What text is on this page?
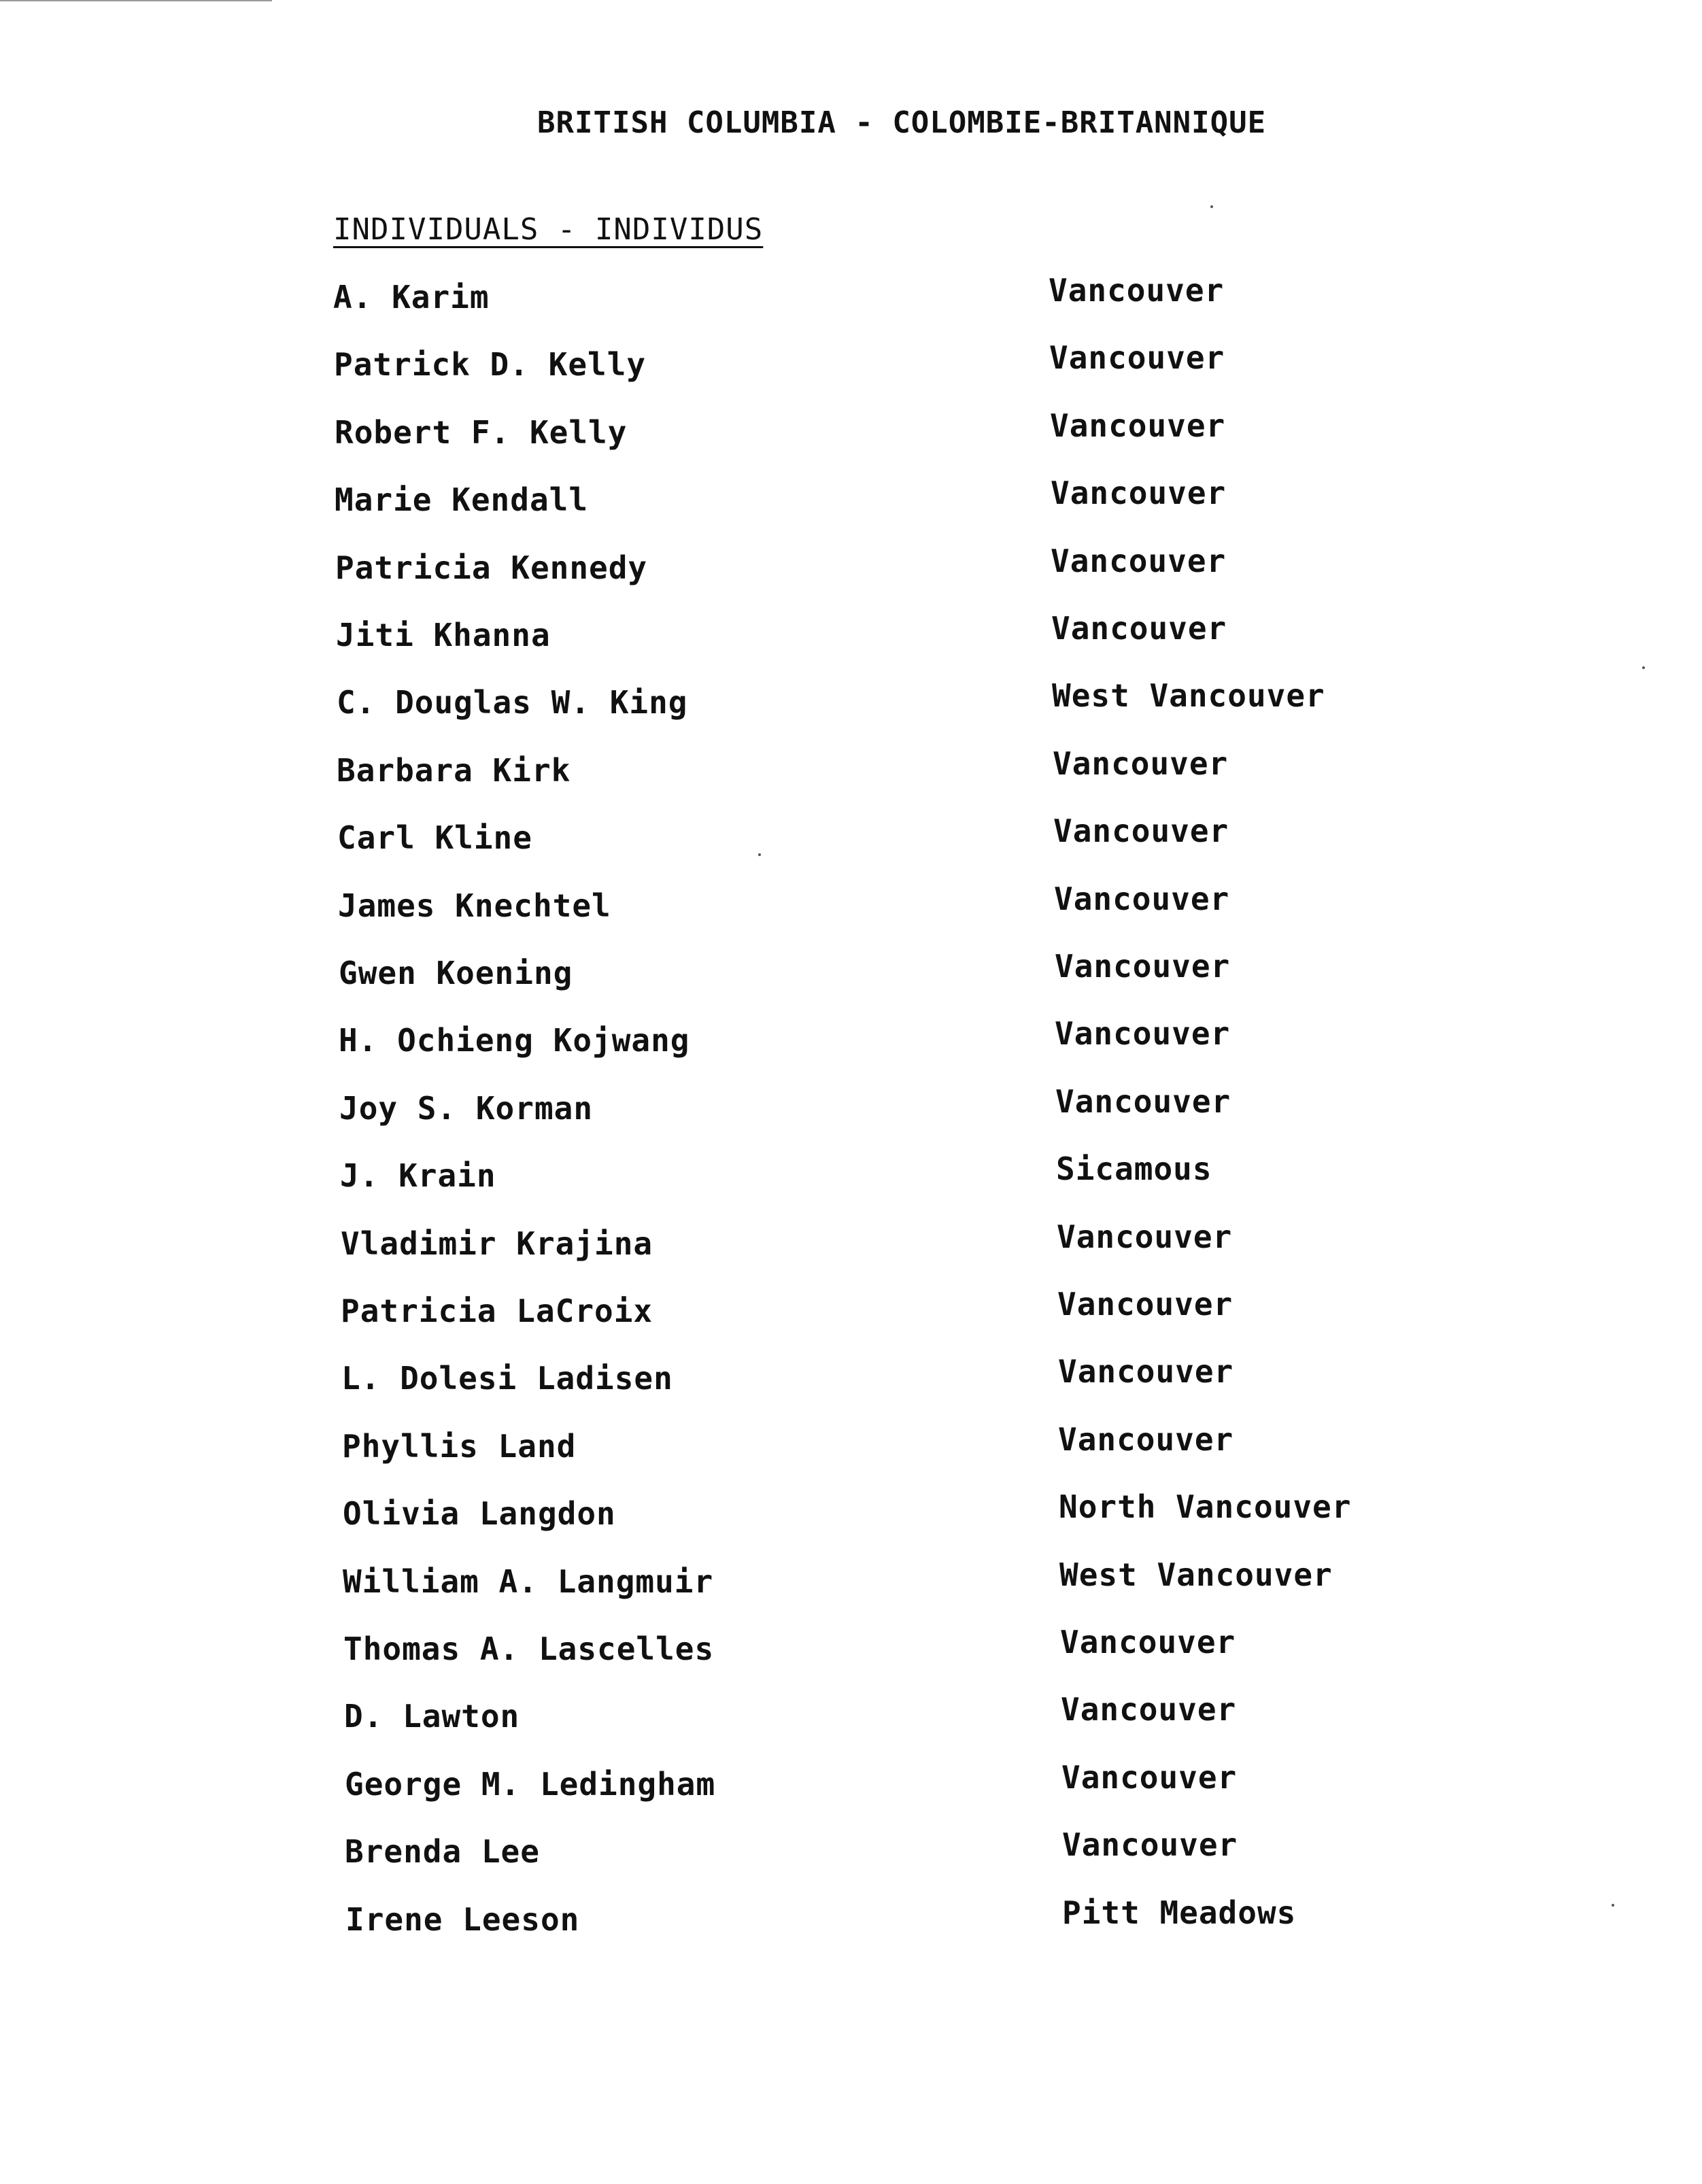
BRITISH COLUMBIA - COLOMBIE-BRITANNIQUE
INDIVIDUALS - INDIVIDUS
A. Karim	Vancouver
Patrick D. Kelly	Vancouver
Robert F. Kelly	Vancouver
Marie Kendall	Vancouver
Patricia Kennedy	Vancouver
Jiti Khanna	Vancouver
C. Douglas W. King	West Vancouver
Barbara Kirk	Vancouver
Carl Kline	Vancouver
James Knechtel	Vancouver
Gwen Koening	Vancouver
H. Ochieng Kojwang	Vancouver
Joy S. Korman	Vancouver
J. Krain	Sicamous
Vladimir Krajina	Vancouver
Patricia LaCroix	Vancouver
L. Dolesi Ladisen	Vancouver
Phyllis Land	Vancouver
Olivia Langdon	North Vancouver
William A. Langmuir	West Vancouver
Thomas A. Lascelles	Vancouver
D. Lawton	Vancouver
George M. Ledingham	Vancouver
Brenda Lee	Vancouver
Irene Leeson	Pitt Meadows
